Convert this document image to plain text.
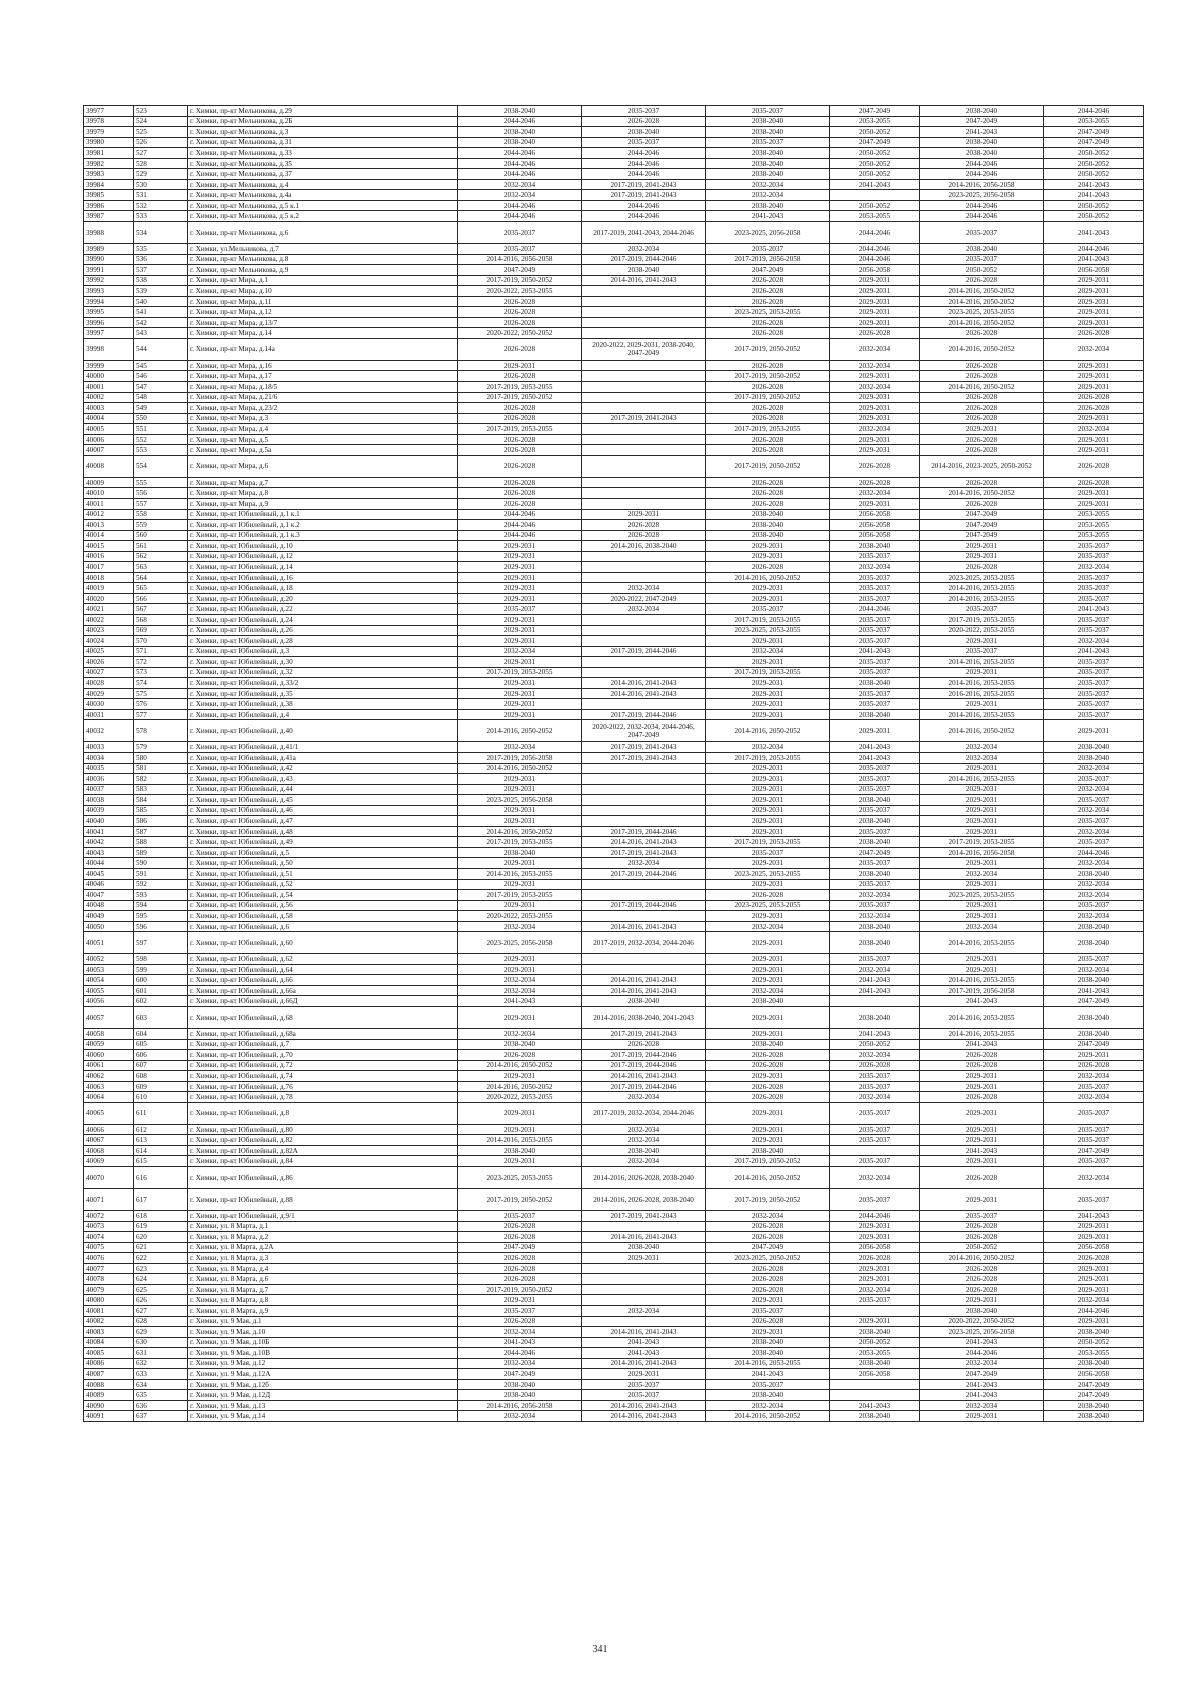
39977	523	г. Химки, пр-кт Мельникова, д.29	2038-2040	2035-2037	2035-2037	2047-2049	2038-2040	2044-2046
39978	524	г. Химки, пр-кт Мельникова, д.2Б	2044-2046	2026-2028	2038-2040	2053-2055	2047-2049	2053-2055
39979	525	г. Химки, пр-кт Мельникова, д.3	2038-2040	2038-2040	2038-2040	2050-2052	2041-2043	2047-2049
39980	526	г. Химки, пр-кт Мельникова, д.31	2038-2040	2035-2037	2035-2037	2047-2049	2038-2040	2047-2049
39981	527	г. Химки, пр-кт Мельникова, д.33	2044-2046	2044-2046	2038-2040	2050-2052	2038-2040	2050-2052
39982	528	г. Химки, пр-кт Мельникова, д.35	2044-2046	2044-2046	2038-2040	2050-2052	2044-2046	2050-2052
39983	529	г. Химки, пр-кт Мельникова, д.37	2044-2046	2044-2046	2038-2040	2050-2052	2044-2046	2050-2052
39984	530	г. Химки, пр-кт Мельникова, д.4	2032-2034	2017-2019, 2041-2043	2032-2034	2041-2043	2014-2016, 2056-2058	2041-2043
39985	531	г. Химки, пр-кт Мельникова, д.4а	2032-2034	2017-2019, 2041-2043	2032-2034		2023-2025, 2056-2058	2041-2043
39986	532	г. Химки, пр-кт Мельникова, д.5 к.1	2044-2046	2044-2046	2038-2040	2050-2052	2044-2046	2050-2052
39987	533	г. Химки, пр-кт Мельникова, д.5 к.2	2044-2046	2044-2046	2041-2043	2053-2055	2044-2046	2050-2052
39988	534	г. Химки, пр-кт Мельникова, д.6	2035-2037	2017-2019, 2041-2043, 2044-2046	2023-2025, 2056-2058	2044-2046	2035-2037	2041-2043
39989	535	г. Химки, ул.Мельникова, д.7	2035-2037	2032-2034	2035-2037	2044-2046	2038-2040	2044-2046
39990	536	г. Химки, пр-кт Мельникова, д.8	2014-2016, 2056-2058	2017-2019, 2044-2046	2017-2019, 2056-2058	2044-2046	2035-2037	2041-2043
39991	537	г. Химки, пр-кт Мельникова, д.9	2047-2049	2038-2040	2047-2049	2056-2058	2050-2052	2056-2058
39992	538	г. Химки, пр-кт Мира, д.1	2017-2019, 2050-2052	2014-2016, 2041-2043	2026-2028	2029-2031	2026-2028	2029-2031
39993	539	г. Химки, пр-кт Мира, д.10	2020-2022, 2053-2055		2026-2028	2029-2031	2014-2016, 2050-2052	2029-2031
39994	540	г. Химки, пр-кт Мира, д.11	2026-2028		2026-2028	2029-2031	2014-2016, 2050-2052	2029-2031
39995	541	г. Химки, пр-кт Мира, д.12	2026-2028		2023-2025, 2053-2055	2029-2031	2023-2025, 2053-2055	2029-2031
39996	542	г. Химки, пр-кт Мира, д.13/7	2026-2028		2026-2028	2029-2031	2014-2016, 2050-2052	2029-2031
39997	543	г. Химки, пр-кт Мира, д.14	2020-2022, 2050-2052		2026-2028	2026-2028	2026-2028	2026-2028
39998	544	г. Химки, пр-кт Мира, д.14а	2026-2028	2020-2022, 2029-2031, 2038-2040, 2047-2049	2017-2019, 2050-2052	2032-2034	2014-2016, 2050-2052	2032-2034
39999	545	г. Химки, пр-кт Мира, д.16	2029-2031		2026-2028	2032-2034	2026-2028	2029-2031
40000	546	г. Химки, пр-кт Мира, д.17	2026-2028		2017-2019, 2050-2052	2029-2031	2026-2028	2029-2031
40001	547	г. Химки, пр-кт Мира, д.18/5	2017-2019, 2053-2055		2026-2028	2032-2034	2014-2016, 2050-2052	2029-2031
40002	548	г. Химки, пр-кт Мира, д.21/6	2017-2019, 2050-2052		2017-2019, 2050-2052	2029-2031	2026-2028	2026-2028
40003	549	г. Химки, пр-кт Мира, д.23/2	2026-2028		2026-2028	2029-2031	2026-2028	2026-2028
40004	550	г. Химки, пр-кт Мира, д.3	2026-2028	2017-2019, 2041-2043	2026-2028	2029-2031	2026-2028	2029-2031
40005	551	г. Химки, пр-кт Мира, д.4	2017-2019, 2053-2055		2017-2019, 2053-2055	2032-2034	2029-2031	2032-2034
40006	552	г. Химки, пр-кт Мира, д.5	2026-2028		2026-2028	2029-2031	2026-2028	2029-2031
40007	553	г. Химки, пр-кт Мира, д.5а	2026-2028		2026-2028	2029-2031	2026-2028	2029-2031
40008	554	г. Химки, пр-кт Мира, д.6	2026-2028		2017-2019, 2050-2052	2026-2028	2014-2016, 2023-2025, 2050-2052	2026-2028
40009	555	г. Химки, пр-кт Мира, д.7	2026-2028		2026-2028	2026-2028	2026-2028	2026-2028
40010	556	г. Химки, пр-кт Мира, д.8	2026-2028		2026-2028	2032-2034	2014-2016, 2050-2052	2029-2031
40011	557	г. Химки, пр-кт Мира, д.9	2026-2028		2026-2028	2029-2031	2026-2028	2029-2031
40012	558	г. Химки, пр-кт Юбилейный, д.1 к.1	2044-2046	2029-2031	2038-2040	2056-2058	2047-2049	2053-2055
40013	559	г. Химки, пр-кт Юбилейный, д.1 к.2	2044-2046	2026-2028	2038-2040	2056-2058	2047-2049	2053-2055
40014	560	г. Химки, пр-кт Юбилейный, д.1 к.3	2044-2046	2026-2028	2038-2040	2056-2058	2047-2049	2053-2055
40015	561	г. Химки, пр-кт Юбилейный, д.10	2029-2031	2014-2016, 2038-2040	2029-2031	2038-2040	2029-2031	2035-2037
40016	562	г. Химки, пр-кт Юбилейный, д.12	2029-2031		2029-2031	2035-2037	2029-2031	2035-2037
40017	563	г. Химки, пр-кт Юбилейный, д.14	2029-2031		2026-2028	2032-2034	2026-2028	2032-2034
40018	564	г. Химки, пр-кт Юбилейный, д.16	2029-2031		2014-2016, 2050-2052	2035-2037	2023-2025, 2053-2055	2035-2037
40019	565	г. Химки, пр-кт Юбилейный, д.18	2029-2031	2032-2034	2029-2031	2035-2037	2014-2016, 2053-2055	2035-2037
40020	566	г. Химки, пр-кт Юбилейный, д.20	2029-2031	2020-2022, 2047-2049	2029-2031	2035-2037	2014-2016, 2053-2055	2035-2037
40021	567	г. Химки, пр-кт Юбилейный, д.22	2035-2037	2032-2034	2035-2037	2044-2046	2035-2037	2041-2043
40022	568	г. Химки, пр-кт Юбилейный, д.24	2029-2031		2017-2019, 2053-2055	2035-2037	2017-2019, 2053-2055	2035-2037
40023	569	г. Химки, пр-кт Юбилейный, д.26	2029-2031		2023-2025, 2053-2055	2035-2037	2020-2022, 2053-2055	2035-2037
40024	570	г. Химки, пр-кт Юбилейный, д.28	2029-2031		2029-2031	2035-2037	2029-2031	2032-2034
40025	571	г. Химки, пр-кт Юбилейный, д.3	2032-2034	2017-2019, 2044-2046	2032-2034	2041-2043	2035-2037	2041-2043
40026	572	г. Химки, пр-кт Юбилейный, д.30	2029-2031		2029-2031	2035-2037	2014-2016, 2053-2055	2035-2037
40027	573	г. Химки, пр-кт Юбилейный, д.32	2017-2019, 2053-2055		2017-2019, 2053-2055	2035-2037	2029-2031	2035-2037
40028	574	г. Химки, пр-кт Юбилейный, д.33/2	2029-2031	2014-2016, 2041-2043	2029-2031	2038-2040	2014-2016, 2053-2055	2035-2037
40029	575	г. Химки, пр-кт Юбилейный, д.35	2029-2031	2014-2016, 2041-2043	2029-2031	2035-2037	2016-2016, 2053-2055	2035-2037
40030	576	г. Химки, пр-кт Юбилейный, д.38	2029-2031		2029-2031	2035-2037	2029-2031	2035-2037
40031	577	г. Химки, пр-кт Юбилейный, д.4	2029-2031	2017-2019, 2044-2046	2029-2031	2038-2040	2014-2016, 2053-2055	2035-2037
40032	578	г. Химки, пр-кт Юбилейный, д.40	2014-2016, 2050-2052	2020-2022, 2032-2034, 2044-2046, 2047-2049	2014-2016, 2050-2052	2029-2031	2014-2016, 2050-2052	2029-2031
40033	579	г. Химки, пр-кт Юбилейный, д.41/1	2032-2034	2017-2019, 2041-2043	2032-2034	2041-2043	2032-2034	2038-2040
40034	580	г. Химки, пр-кт Юбилейный, д.41а	2017-2019, 2056-2058	2017-2019, 2041-2043	2017-2019, 2053-2055	2041-2043	2032-2034	2038-2040
40035	581	г. Химки, пр-кт Юбилейный, д.42	2014-2016, 2050-2052		2029-2031	2035-2037	2029-2031	2032-2034
40036	582	г. Химки, пр-кт Юбилейный, д.43	2029-2031		2029-2031	2035-2037	2014-2016, 2053-2055	2035-2037
40037	583	г. Химки, пр-кт Юбилейный, д.44	2029-2031		2029-2031	2035-2037	2029-2031	2032-2034
40038	584	г. Химки, пр-кт Юбилейный, д.45	2023-2025, 2056-2058		2029-2031	2038-2040	2029-2031	2035-2037
40039	585	г. Химки, пр-кт Юбилейный, д.46	2029-2031		2029-2031	2035-2037	2029-2031	2032-2034
40040	586	г. Химки, пр-кт Юбилейный, д.47	2029-2031		2029-2031	2038-2040	2029-2031	2035-2037
40041	587	г. Химки, пр-кт Юбилейный, д.48	2014-2016, 2050-2052	2017-2019, 2044-2046	2029-2031	2035-2037	2029-2031	2032-2034
40042	588	г. Химки, пр-кт Юбилейный, д.49	2017-2019, 2053-2055	2014-2016, 2041-2043	2017-2019, 2053-2055	2038-2040	2017-2019, 2053-2055	2035-2037
40043	589	г. Химки, пр-кт Юбилейный, д.5	2038-2040	2017-2019, 2041-2043	2035-2037	2047-2049	2014-2016, 2056-2058	2044-2046
40044	590	г. Химки, пр-кт Юбилейный, д.50	2029-2031	2032-2034	2029-2031	2035-2037	2029-2031	2032-2034
40045	591	г. Химки, пр-кт Юбилейный, д.51	2014-2016, 2053-2055	2017-2019, 2044-2046	2023-2025, 2053-2055	2038-2040	2032-2034	2038-2040
40046	592	г. Химки, пр-кт Юбилейный, д.52	2029-2031		2029-2031	2035-2037	2029-2031	2032-2034
40047	593	г. Химки, пр-кт Юбилейный, д.54	2017-2019, 2053-2055		2026-2028	2032-2034	2023-2025, 2053-2055	2032-2034
40048	594	г. Химки, пр-кт Юбилейный, д.56	2029-2031	2017-2019, 2044-2046	2023-2025, 2053-2055	2035-2037	2029-2031	2035-2037
40049	595	г. Химки, пр-кт Юбилейный, д.58	2020-2022, 2053-2055		2029-2031	2032-2034	2029-2031	2032-2034
40050	596	г. Химки, пр-кт Юбилейный, д.6	2032-2034	2014-2016, 2041-2043	2032-2034	2038-2040	2032-2034	2038-2040
40051	597	г. Химки, пр-кт Юбилейный, д.60	2023-2025, 2056-2058	2017-2019, 2032-2034, 2044-2046	2029-2031	2038-2040	2014-2016, 2053-2055	2038-2040
40052	598	г. Химки, пр-кт Юбилейный, д.62	2029-2031		2029-2031	2035-2037	2029-2031	2035-2037
40053	599	г. Химки, пр-кт Юбилейный, д.64	2029-2031		2029-2031	2032-2034	2029-2031	2032-2034
40054	600	г. Химки, пр-кт Юбилейный, д.66	2032-2034	2014-2016, 2041-2043	2029-2031	2041-2043	2014-2016, 2053-2055	2038-2040
40055	601	г. Химки, пр-кт Юбилейный, д.66а	2032-2034	2014-2016, 2041-2043	2032-2034	2041-2043	2017-2019, 2056-2058	2041-2043
40056	602	г. Химки, пр-кт Юбилейный, д.66Д	2041-2043	2038-2040	2038-2040		2041-2043	2047-2049
40057	603	г. Химки, пр-кт Юбилейный, д.68	2029-2031	2014-2016, 2038-2040, 2041-2043	2029-2031	2038-2040	2014-2016, 2053-2055	2038-2040
40058	604	г. Химки, пр-кт Юбилейный, д.68а	2032-2034	2017-2019, 2041-2043	2029-2031	2041-2043	2014-2016, 2053-2055	2038-2040
40059	605	г. Химки, пр-кт Юбилейный, д.7	2038-2040	2026-2028	2038-2040	2050-2052	2041-2043	2047-2049
40060	606	г. Химки, пр-кт Юбилейный, д.70	2026-2028	2017-2019, 2044-2046	2026-2028	2032-2034	2026-2028	2029-2031
40061	607	г. Химки, пр-кт Юбилейный, д.72	2014-2016, 2050-2052	2017-2019, 2044-2046	2026-2028	2026-2028	2026-2028	2026-2028
40062	608	г. Химки, пр-кт Юбилейный, д.74	2029-2031	2014-2016, 2041-2043	2029-2031	2035-2037	2029-2031	2032-2034
40063	609	г. Химки, пр-кт Юбилейный, д.76	2014-2016, 2050-2052	2017-2019, 2044-2046	2026-2028	2035-2037	2029-2031	2035-2037
40064	610	г. Химки, пр-кт Юбилейный, д.78	2020-2022, 2053-2055	2032-2034	2026-2028	2032-2034	2026-2028	2032-2034
40065	611	г. Химки, пр-кт Юбилейный, д.8	2029-2031	2017-2019, 2032-2034, 2044-2046	2029-2031	2035-2037	2029-2031	2035-2037
40066	612	г. Химки, пр-кт Юбилейный, д.80	2029-2031	2032-2034	2029-2031	2035-2037	2029-2031	2035-2037
40067	613	г. Химки, пр-кт Юбилейный, д.82	2014-2016, 2053-2055	2032-2034	2029-2031	2035-2037	2029-2031	2035-2037
40068	614	г. Химки, пр-кт Юбилейный, д.82А	2038-2040	2038-2040	2038-2040		2041-2043	2047-2049
40069	615	г. Химки, пр-кт Юбилейный, д.84	2029-2031	2032-2034	2017-2019, 2050-2052	2035-2037	2029-2031	2035-2037
40070	616	г. Химки, пр-кт Юбилейный, д.86	2023-2025, 2053-2055	2014-2016, 2026-2028, 2038-2040	2014-2016, 2050-2052	2032-2034	2026-2028	2032-2034
40071	617	г. Химки, пр-кт Юбилейный, д.88	2017-2019, 2050-2052	2014-2016, 2026-2028, 2038-2040	2017-2019, 2050-2052	2035-2037	2029-2031	2035-2037
40072	618	г. Химки, пр-кт Юбилейный, д.9/1	2035-2037	2017-2019, 2041-2043	2032-2034	2044-2046	2035-2037	2041-2043
40073	619	г. Химки, ул. 8 Марта, д.1	2026-2028		2026-2028	2029-2031	2026-2028	2029-2031
40074	620	г. Химки, ул. 8 Марта, д.2	2026-2028	2014-2016, 2041-2043	2026-2028	2029-2031	2026-2028	2029-2031
40075	621	г. Химки, ул. 8 Марта, д.2А	2047-2049	2038-2040	2047-2049	2056-2058	2050-2052	2056-2058
40076	622	г. Химки, ул. 8 Марта, д.3	2026-2028	2029-2031	2023-2025, 2050-2052	2026-2028	2014-2016, 2050-2052	2026-2028
40077	623	г. Химки, ул. 8 Марта, д.4	2026-2028		2026-2028	2029-2031	2026-2028	2029-2031
40078	624	г. Химки, ул. 8 Марта, д.6	2026-2028		2026-2028	2029-2031	2026-2028	2029-2031
40079	625	г. Химки, ул. 8 Марта, д.7	2017-2019, 2050-2052		2026-2028	2032-2034	2026-2028	2029-2031
40080	626	г. Химки, ул. 8 Марта, д.8	2029-2031		2029-2031	2035-2037	2029-2031	2032-2034
40081	627	г. Химки, ул. 8 Марта, д.9	2035-2037	2032-2034	2035-2037		2038-2040	2044-2046
40082	628	г. Химки, ул. 9 Мая, д.1	2026-2028		2026-2028	2029-2031	2020-2022, 2050-2052	2029-2031
40083	629	г. Химки, ул. 9 Мая, д.10	2032-2034	2014-2016, 2041-2043	2029-2031	2038-2040	2023-2025, 2056-2058	2038-2040
40084	630	г. Химки, ул. 9 Мая, д.10Б	2041-2043	2041-2043	2038-2040	2050-2052	2041-2043	2050-2052
40085	631	г. Химки, ул. 9 Мая, д.10В	2044-2046	2041-2043	2038-2040	2053-2055	2044-2046	2053-2055
40086	632	г. Химки, ул. 9 Мая, д.12	2032-2034	2014-2016, 2041-2043	2014-2016, 2053-2055	2038-2040	2032-2034	2038-2040
40087	633	г. Химки, ул. 9 Мая, д.12А	2047-2049	2029-2031	2041-2043	2056-2058	2047-2049	2056-2058
40088	634	г. Химки, ул. 9 Мая, д.12б	2038-2040	2035-2037	2035-2037		2041-2043	2047-2049
40089	635	г. Химки, ул. 9 Мая, д.12Д	2038-2040	2035-2037	2038-2040		2041-2043	2047-2049
40090	636	г. Химки, ул. 9 Мая, д.13	2014-2016, 2056-2058	2014-2016, 2041-2043	2032-2034	2041-2043	2032-2034	2038-2040
40091	637	г. Химки, ул. 9 Мая, д.14	2032-2034	2014-2016, 2041-2043	2014-2016, 2050-2052	2038-2040	2029-2031	2038-2040
341
